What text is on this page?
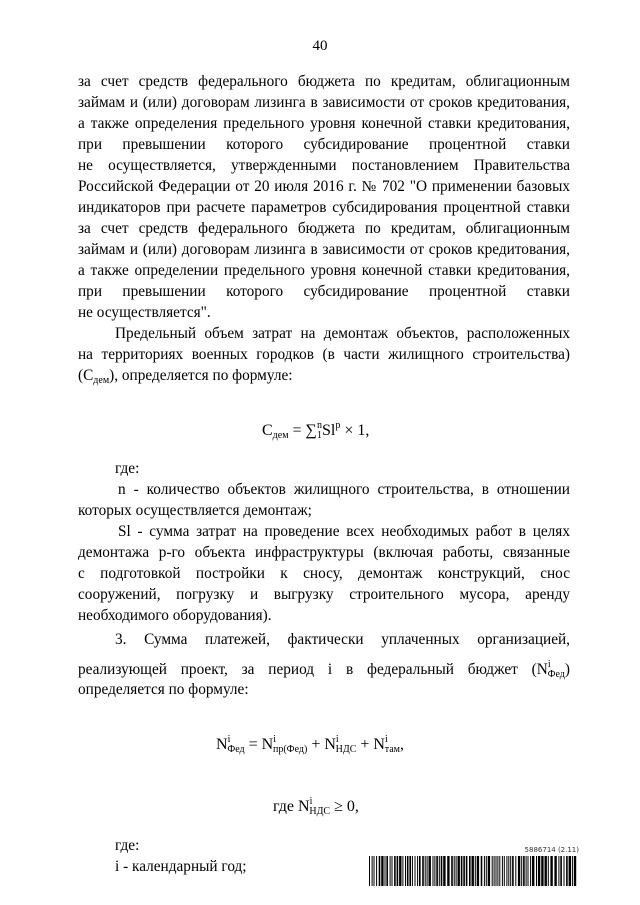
40
за счет средств федерального бюджета по кредитам, облигационным
займам и (или) договорам лизинга в зависимости от сроков кредитования,
а также определения предельного уровня конечной ставки кредитования,
при превышении которого субсидирование процентной ставки
не осуществляется, утвержденными постановлением Правительства
Российской Федерации от 20 июля 2016 г. № 702 "О применении базовых
индикаторов при расчете параметров субсидирования процентной ставки
за счет средств федерального бюджета по кредитам, облигационным
займам и (или) договорам лизинга в зависимости от сроков кредитования,
а также определении предельного уровня конечной ставки кредитования,
при превышении которого субсидирование процентной ставки
не осуществляется".
Предельный объем затрат на демонтаж объектов, расположенных
на территориях военных городков (в части жилищного строительства)
$(С_{дем})$, определяется по формуле:
$С_{дем} = \sum_1^nSl^p \times 1$,
где:
n - количество объектов жилищного строительства, в отношении
которых осуществляется демонтаж;
Sl - сумма затрат на проведение всех необходимых работ в целях
демонтажа p-го объекта инфраструктуры (включая работы, связанные
с подготовкой постройки к сносу, демонтаж конструкций, снос
сооружений, погрузку и выгрузку строительного мусора, аренду
необходимого оборудования).
3. Сумма платежей, фактически уплаченных организацией,
реализующей проект, за период i в федеральный бюджет $(N^i_{Фед})$
определяется по формуле:
$N^i_{Фед} = N^i_{пр(Фед)} + N^i_{НДС} + N^i_{там}$,
где $N^i_{НДС} \ge 0$,
где:
i - календарный год;
5886714 (2.11)
